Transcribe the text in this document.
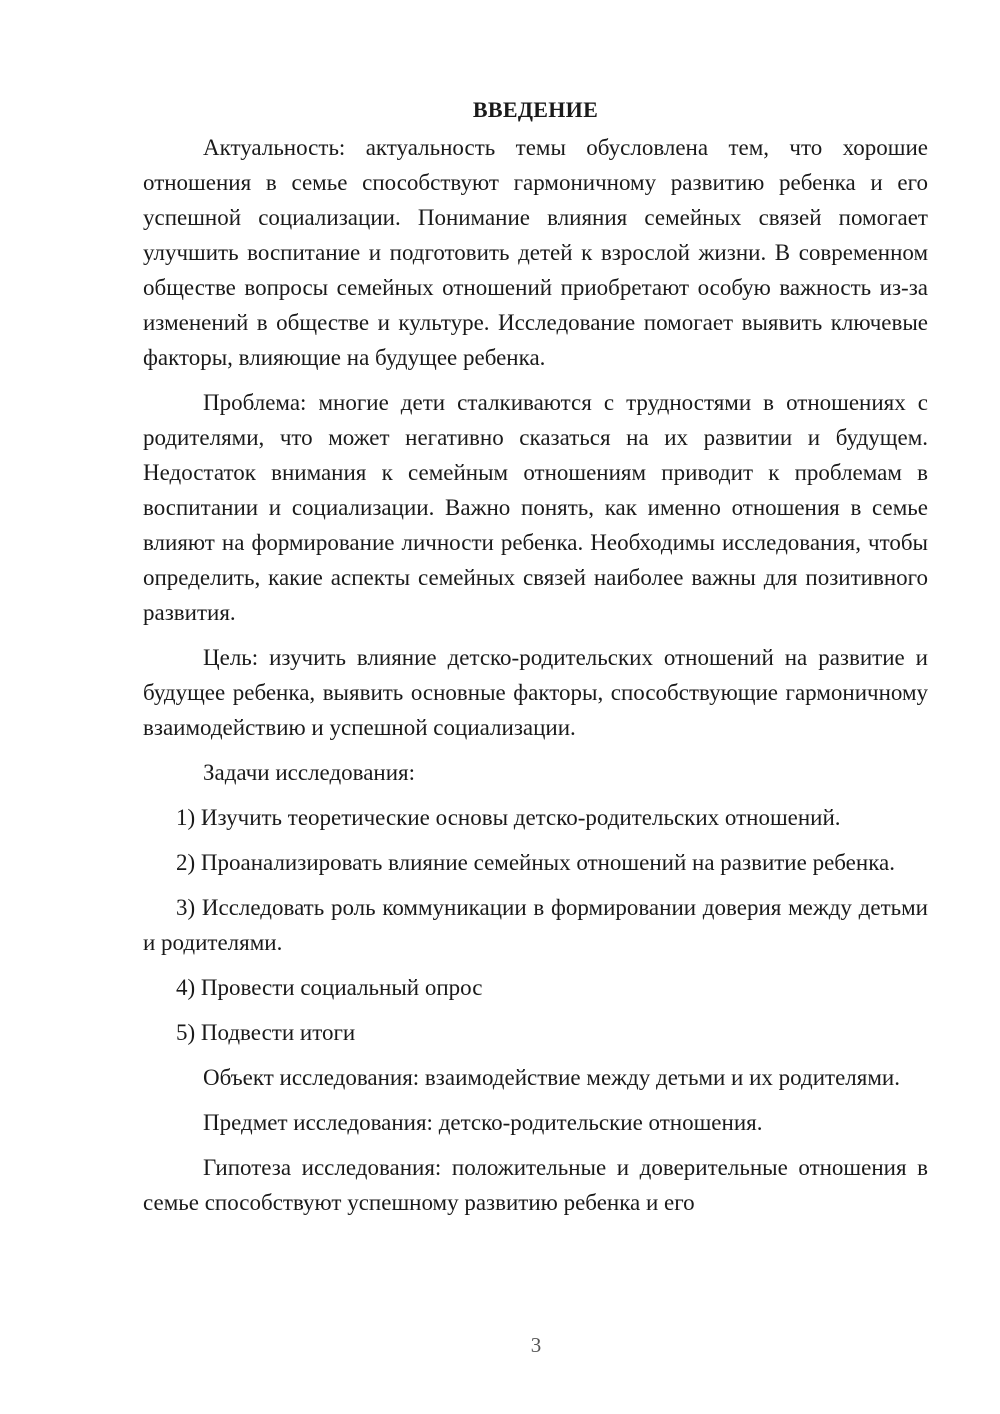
ВВЕДЕНИЕ

Актуальность: актуальность темы обусловлена тем, что хорошие отношения в семье способствуют гармоничному развитию ребенка и его успешной социализации. Понимание влияния семейных связей помогает улучшить воспитание и подготовить детей к взрослой жизни. В современном обществе вопросы семейных отношений приобретают особую важность из-за изменений в обществе и культуре. Исследование помогает выявить ключевые факторы, влияющие на будущее ребенка.

Проблема: многие дети сталкиваются с трудностями в отношениях с родителями, что может негативно сказаться на их развитии и будущем. Недостаток внимания к семейным отношениям приводит к проблемам в воспитании и социализации. Важно понять, как именно отношения в семье влияют на формирование личности ребенка. Необходимы исследования, чтобы определить, какие аспекты семейных связей наиболее важны для позитивного развития.

Цель: изучить влияние детско-родительских отношений на развитие и будущее ребенка, выявить основные факторы, способствующие гармоничному взаимодействию и успешной социализации.

Задачи исследования:

1) Изучить теоретические основы детско-родительских отношений.

2) Проанализировать влияние семейных отношений на развитие ребенка.

3) Исследовать роль коммуникации в формировании доверия между детьми и родителями.

4) Провести социальный опрос

5) Подвести итоги

Объект исследования: взаимодействие между детьми и их родителями.

Предмет исследования: детско-родительские отношения.

Гипотеза исследования: положительные и доверительные отношения в семье способствуют успешному развитию ребенка и его

3
